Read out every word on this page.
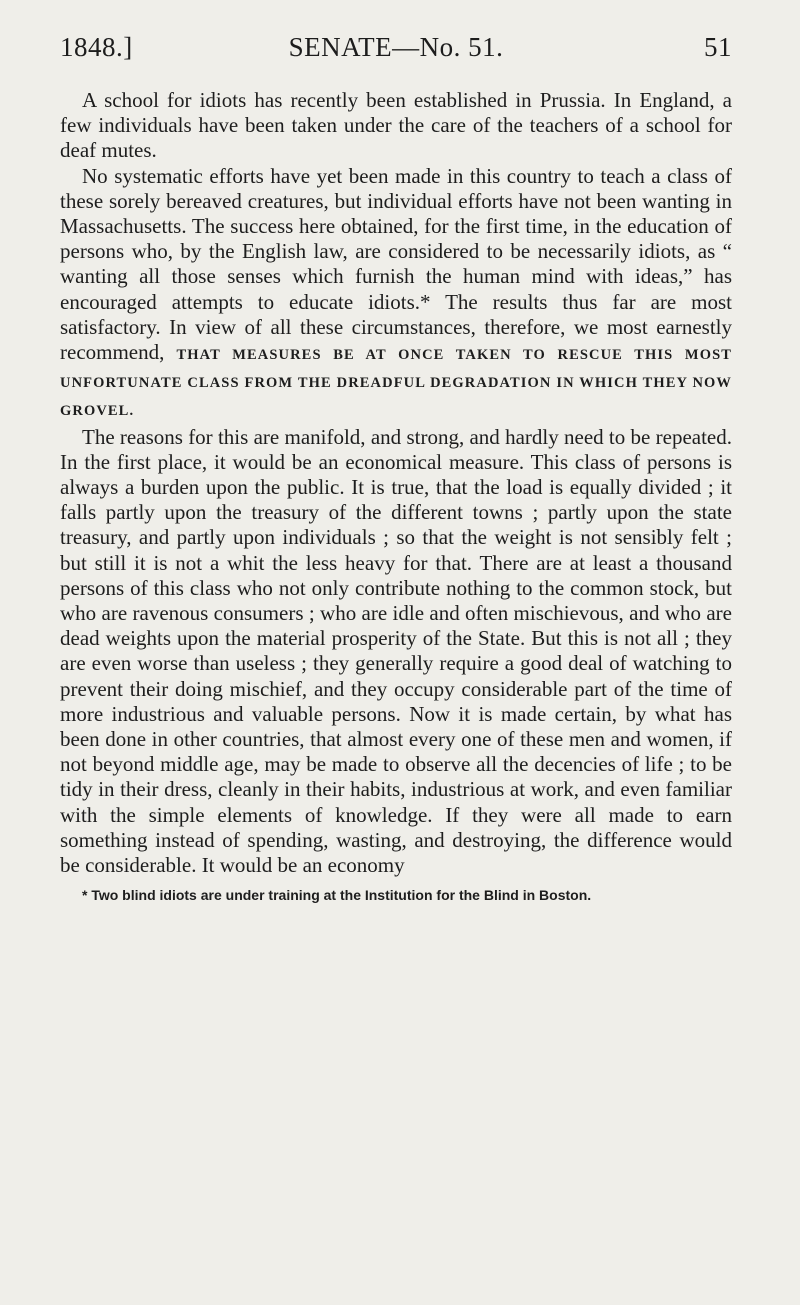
1848.]	SENATE—No. 51.	51

A school for idiots has recently been established in Prussia. In England, a few individuals have been taken under the care of the teachers of a school for deaf mutes.

No systematic efforts have yet been made in this country to teach a class of these sorely bereaved creatures, but individual efforts have not been wanting in Massachusetts. The success here obtained, for the first time, in the education of persons who, by the English law, are considered to be necessarily idiots, as “ wanting all those senses which furnish the human mind with ideas,” has encouraged attempts to educate idiots.* The results thus far are most satisfactory. In view of all these circumstances, therefore, we most earnestly recommend, THAT MEASURES BE AT ONCE TAKEN TO RESCUE THIS MOST UNFORTUNATE CLASS FROM THE DREADFUL DEGRADATION IN WHICH THEY NOW GROVEL.

The reasons for this are manifold, and strong, and hardly need to be repeated. In the first place, it would be an economical measure. This class of persons is always a burden upon the public. It is true, that the load is equally divided ; it falls partly upon the treasury of the different towns ; partly upon the state treasury, and partly upon individuals ; so that the weight is not sensibly felt ; but still it is not a whit the less heavy for that. There are at least a thousand persons of this class who not only contribute nothing to the common stock, but who are ravenous consumers ; who are idle and often mischievous, and who are dead weights upon the material prosperity of the State. But this is not all ; they are even worse than useless ; they generally require a good deal of watching to prevent their doing mischief, and they occupy considerable part of the time of more industrious and valuable persons. Now it is made certain, by what has been done in other countries, that almost every one of these men and women, if not beyond middle age, may be made to observe all the decencies of life ; to be tidy in their dress, cleanly in their habits, industrious at work, and even familiar with the simple elements of knowledge. If they were all made to earn something instead of spending, wasting, and destroying, the difference would be considerable. It would be an economy

* Two blind idiots are under training at the Institution for the Blind in Boston.
